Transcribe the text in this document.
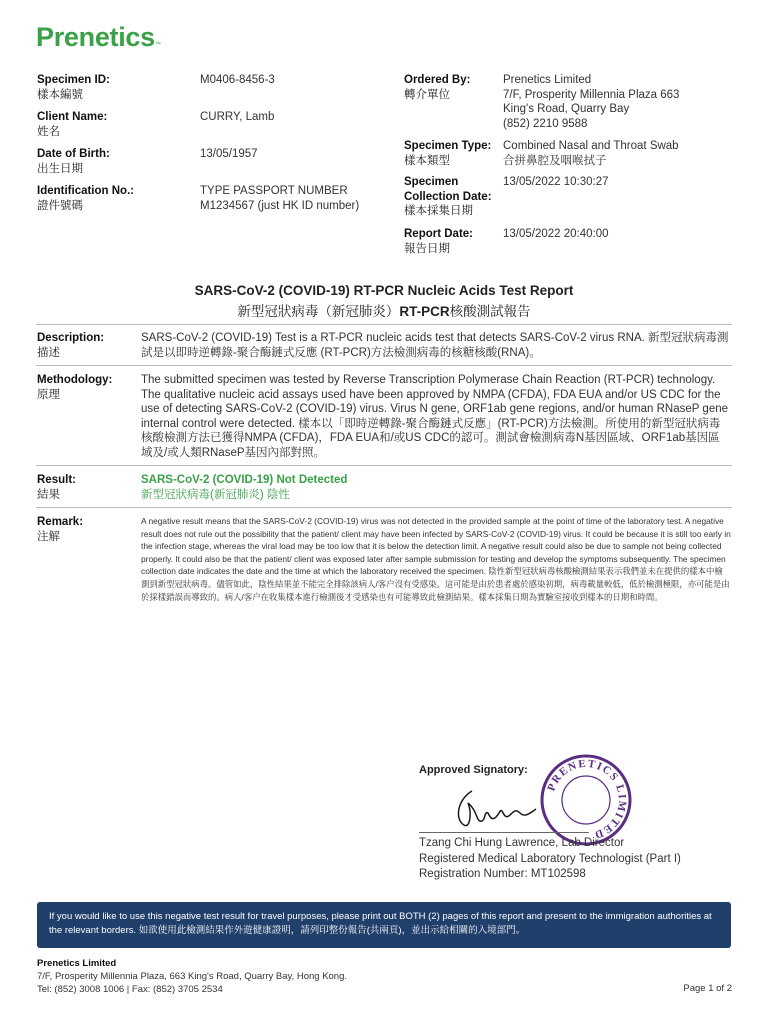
Prenetics™
Specimen ID:
樣本編號
M0406-8456-3
Client Name:
姓名
CURRY, Lamb
Date of Birth:
出生日期
13/05/1957
Identification No.:
證件號碼
TYPE PASSPORT NUMBER
M1234567 (just HK ID number)
Ordered By:
轉介單位
Prenetics Limited
7/F, Prosperity Millennia Plaza 663
King's Road, Quarry Bay
(852) 2210 9588
Specimen Type:
樣本類型
Combined Nasal and Throat Swab
合拼鼻腔及咽喉拭子
Specimen
Collection Date:
樣本採集日期
13/05/2022 10:30:27
Report Date:
報告日期
13/05/2022 20:40:00
SARS-CoV-2 (COVID-19) RT-PCR Nucleic Acids Test Report
新型冠狀病毒（新冠肺炎）RT-PCR核酸測試報告
Description:
描述
SARS-CoV-2 (COVID-19) Test is a RT-PCR nucleic acids test that detects SARS-CoV-2 virus RNA. 新型冠狀病毒測試是以即時逆轉錄-聚合酶鏈式反應 (RT-PCR)方法檢測病毒的核糖核酸(RNA)。
Methodology:
原理
The submitted specimen was tested by Reverse Transcription Polymerase Chain Reaction (RT-PCR) technology. The qualitative nucleic acid assays used have been approved by NMPA (CFDA), FDA EUA and/or US CDC for the use of detecting SARS-CoV-2 (COVID-19) virus. Virus N gene, ORF1ab gene regions, and/or human RNaseP gene internal control were detected. 樣本以「即時逆轉錄-聚合酶鏈式反應」(RT-PCR)方法檢測。所使用的新型冠狀病毒核酸檢測方法已獲得NMPA (CFDA)，FDA EUA和/或US CDC的認可。測試會檢測病毒N基因區域、ORF1ab基因區域及/或人類RNaseP基因內部對照。
Result:
結果
SARS-CoV-2 (COVID-19) Not Detected
新型冠狀病毒(新冠肺炎) 陰性
Remark:
注解
A negative result means that the SARS-CoV-2 (COVID-19) virus was not detected in the provided sample at the point of time of the laboratory test. A negative result does not rule out the possibility that the patient/ client may have been infected by SARS-CoV-2 (COVID-19) virus. It could be because it is still too early in the infection stage, whereas the viral load may be too low that it is below the detection limit. A negative result could also be due to sample not being collected properly. It could also be that the patient/ client was exposed later after sample submission for testing and develop the symptoms subsequently. The specimen collection date indicates the date and the time at which the laboratory received the specimen. 陰性新型冠狀病毒核酸檢測結果表示我們並未在提供的樣本中檢測到新型冠狀病毒。儘管如此，陰性結果並不能完全排除該病人/客户沒有受感染。這可能是由於患者處於感染初期，病毒載量較低，低於檢測極限，亦可能是由於採樣錯誤而導致的。病人/客户在收集樣本進行檢測後才受感染也有可能導致此檢測結果。樣本採集日期為實驗室接收到樣本的日期和時間。
Approved Signatory:
PRENETICS LIMITED
Tzang Chi Hung Lawrence, Lab Director
Registered Medical Laboratory Technologist (Part I)
Registration Number: MT102598
If you would like to use this negative test result for travel purposes, please print out BOTH (2) pages of this report and present to the immigration authorities at the relevant borders. 如欲使用此檢測結果作外遊健康證明，請列印整份報告(共兩頁)，並出示給相關的入境部門。
Prenetics Limited
7/F, Prosperity Millennia Plaza, 663 King's Road, Quarry Bay, Hong Kong.
Tel: (852) 3008 1006 | Fax: (852) 3705 2534	Page 1 of 2
